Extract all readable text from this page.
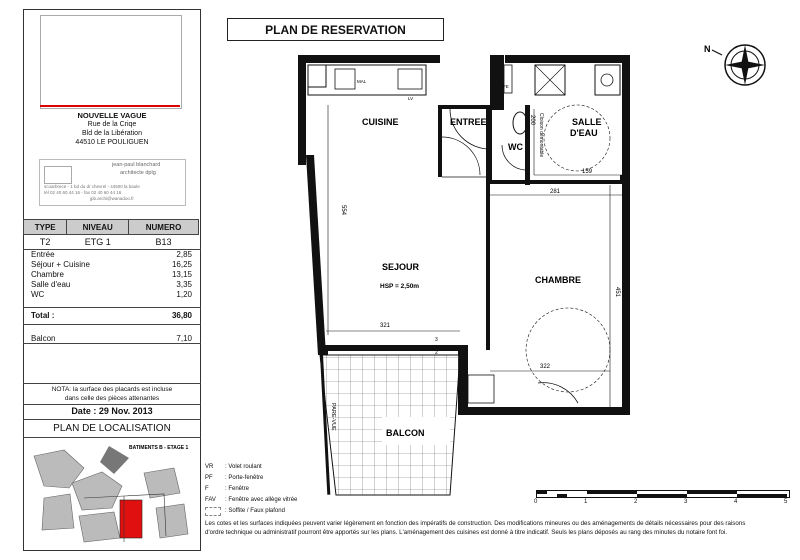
NOUVELLE VAGUE
Rue de la Criqe
Bld de la Libération
44510 LE POULIGUEN
jean-paul blanchard
architecte dplg
scoarbrece - 1 bd du dr chevrel - 44500 la baule
tél 02 40 60 44 16 - fax 02 40 60 44 16
jpb.archi@wanadoo.fr
TYPE	NIVEAU	NUMERO
T2	ETG 1	B13
Entrée	2,85
Séjour + Cuisine	16,25
Chambre	13,15
Salle d'eau	3,35
WC	1,20
Total :	36,80
Balcon	7,10
NOTA: la surface des placards est incluse
dans celle des pièces attenantes
Date : 29 Nov. 2013
PLAN DE LOCALISATION
BATIMENTS B - ETAGE 1
PLAN DE RESERVATION
N
MAL
LV
FE
Cloison démontable
554
321
281
451
322
159
200
3
2
CUISINE	ENTREE	SALLE
D'EAU
WC
SEJOUR
HSP = 2,50m
CHAMBRE
BALCON
PARE-VUE
VR : Volet roulant
PF : Porte-fenêtre
F	: Fenêtre
FAV : Fenêtre avec allège vitrée
: Soffite / Faux plafond
0	1	2	3	4	5
Les cotes et les surfaces indiquées peuvent varier légèrement en fonction des impératifs de construction. Des modifications mineures ou des aménagements de détails nécessaires pour des raisons
d'ordre technique ou administratif pourront être apportés sur les plans. L'aménagement des cuisines est donné à titre indicatif. Seuls les plans déposés au rang des minutes du notaire font foi.
